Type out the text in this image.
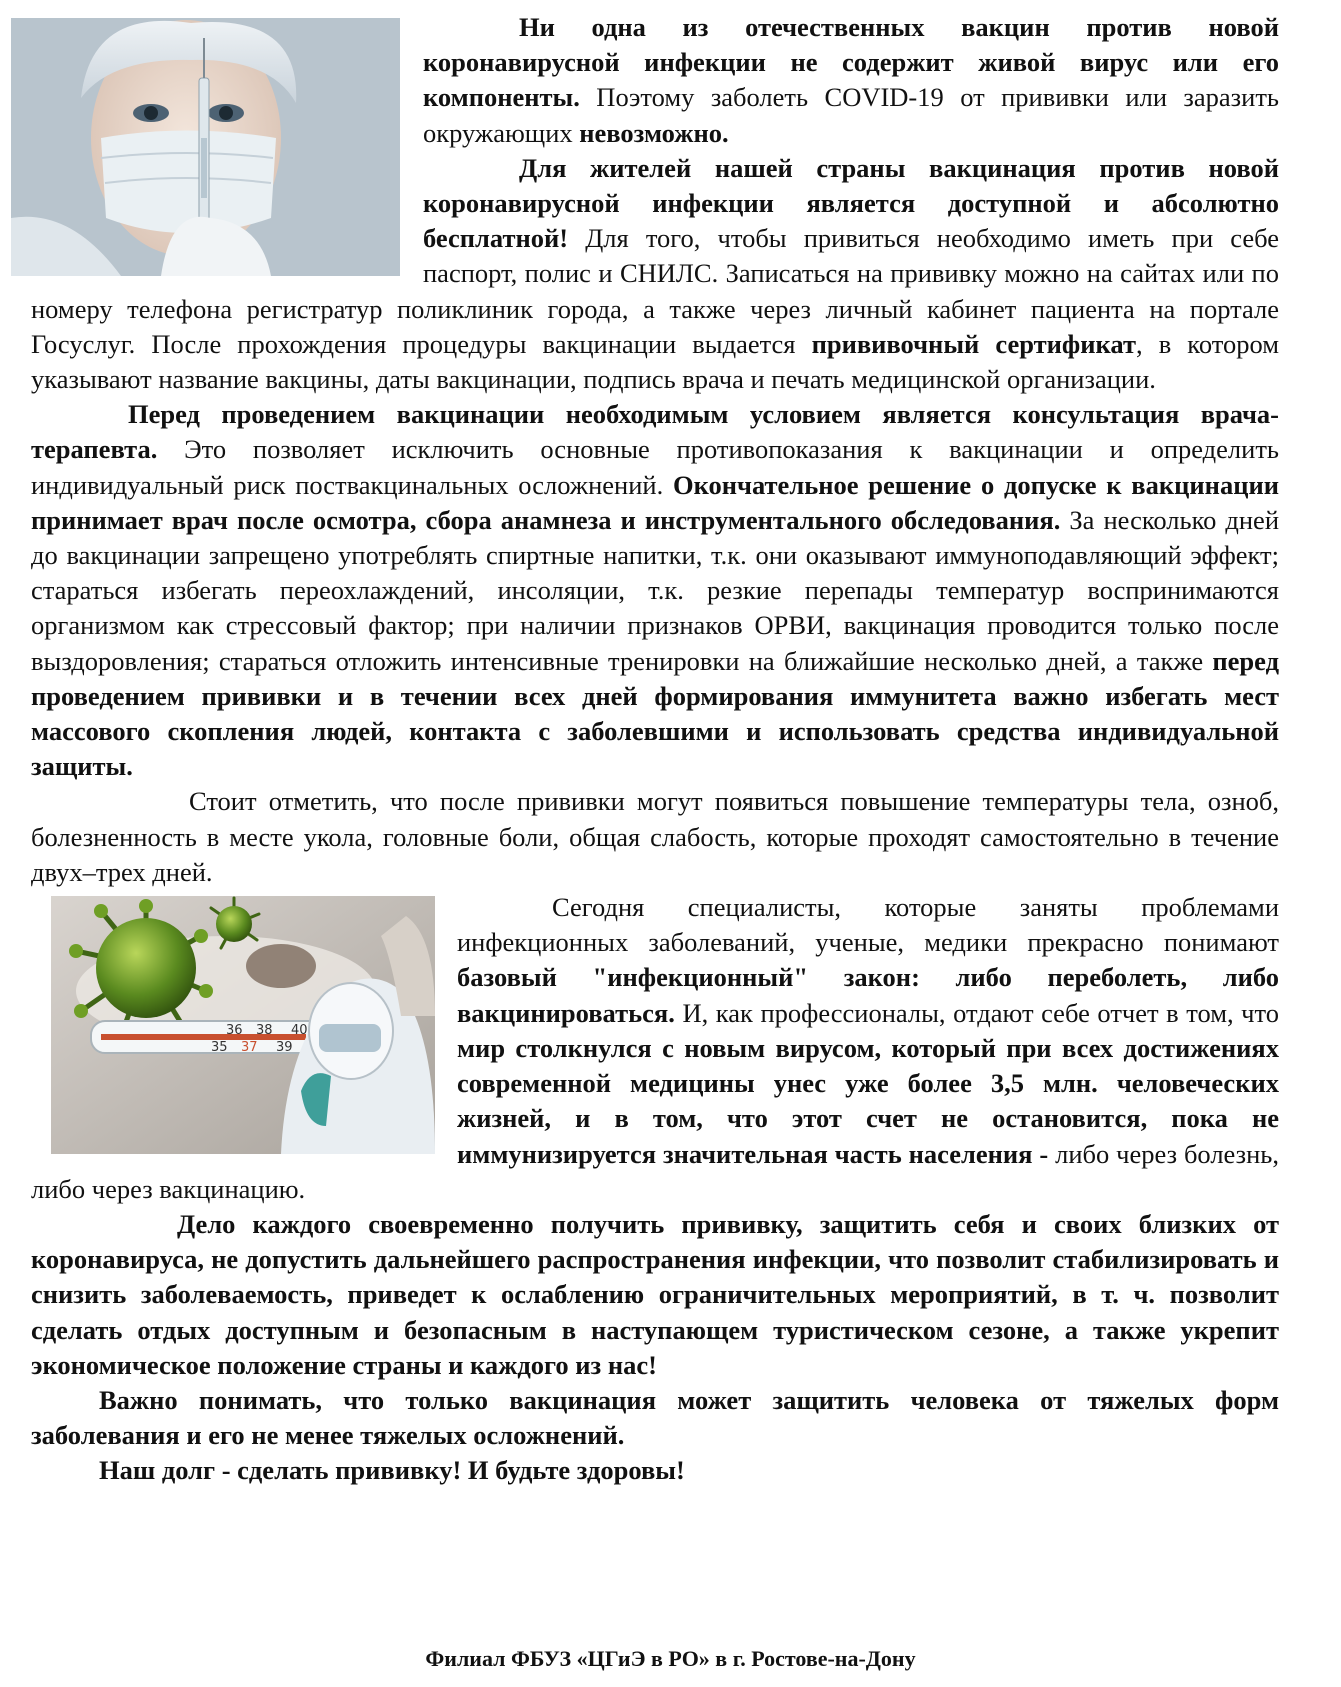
Ни одна из отечественных вакцин против новой коронавирусной инфекции не содержит живой вирус или его компоненты. Поэтому заболеть COVID-19 от прививки или заразить окружающих невозможно.

Для жителей нашей страны вакцинация против новой коронавирусной инфекции является доступной и абсолютно бесплатной! Для того, чтобы привиться необходимо иметь при себе паспорт, полис и СНИЛС. Записаться на прививку можно на сайтах или по номеру телефона регистратур поликлиник города, а также через личный кабинет пациента на портале Госуслуг. После прохождения процедуры вакцинации выдается прививочный сертификат, в котором указывают название вакцины, даты вакцинации, подпись врача и печать медицинской организации.

Перед проведением вакцинации необходимым условием является консультация врача-терапевта. Это позволяет исключить основные противопоказания к вакцинации и определить индивидуальный риск поствакцинальных осложнений. Окончательное решение о допуске к вакцинации принимает врач после осмотра, сбора анамнеза и инструментального обследования. За несколько дней до вакцинации запрещено употреблять спиртные напитки, т.к. они оказывают иммуноподавляющий эффект; стараться избегать переохлаждений, инсоляции, т.к. резкие перепады температур воспринимаются организмом как стрессовый фактор; при наличии признаков ОРВИ, вакцинация проводится только после выздоровления; стараться отложить интенсивные тренировки на ближайшие несколько дней, а также перед проведением прививки и в течении всех дней формирования иммунитета важно избегать мест массового скопления людей, контакта с заболевшими и использовать средства индивидуальной защиты.

Стоит отметить, что после прививки могут появиться повышение температуры тела, озноб, болезненность в месте укола, головные боли, общая слабость, которые проходят самостоятельно в течение двух–трех дней.

36 38 40
35 37 39

Сегодня специалисты, которые заняты проблемами инфекционных заболеваний, ученые, медики прекрасно понимают базовый "инфекционный" закон: либо переболеть, либо вакцинироваться. И, как профессионалы, отдают себе отчет в том, что мир столкнулся с новым вирусом, который при всех достижениях современной медицины унес уже более 3,5 млн. человеческих жизней, и в том, что этот счет не остановится, пока не иммунизируется значительная часть населения - либо через болезнь, либо через вакцинацию.

Дело каждого своевременно получить прививку, защитить себя и своих близких от коронавируса, не допустить дальнейшего распространения инфекции, что позволит стабилизировать и снизить заболеваемость, приведет к ослаблению ограничительных мероприятий, в т. ч. позволит сделать отдых доступным и безопасным в наступающем туристическом сезоне, а также укрепит экономическое положение страны и каждого из нас!

Важно понимать, что только вакцинация может защитить человека от тяжелых форм заболевания и его не менее тяжелых осложнений.

Наш долг - сделать прививку! И будьте здоровы!

Филиал ФБУЗ «ЦГиЭ в РО» в г. Ростове-на-Дону
